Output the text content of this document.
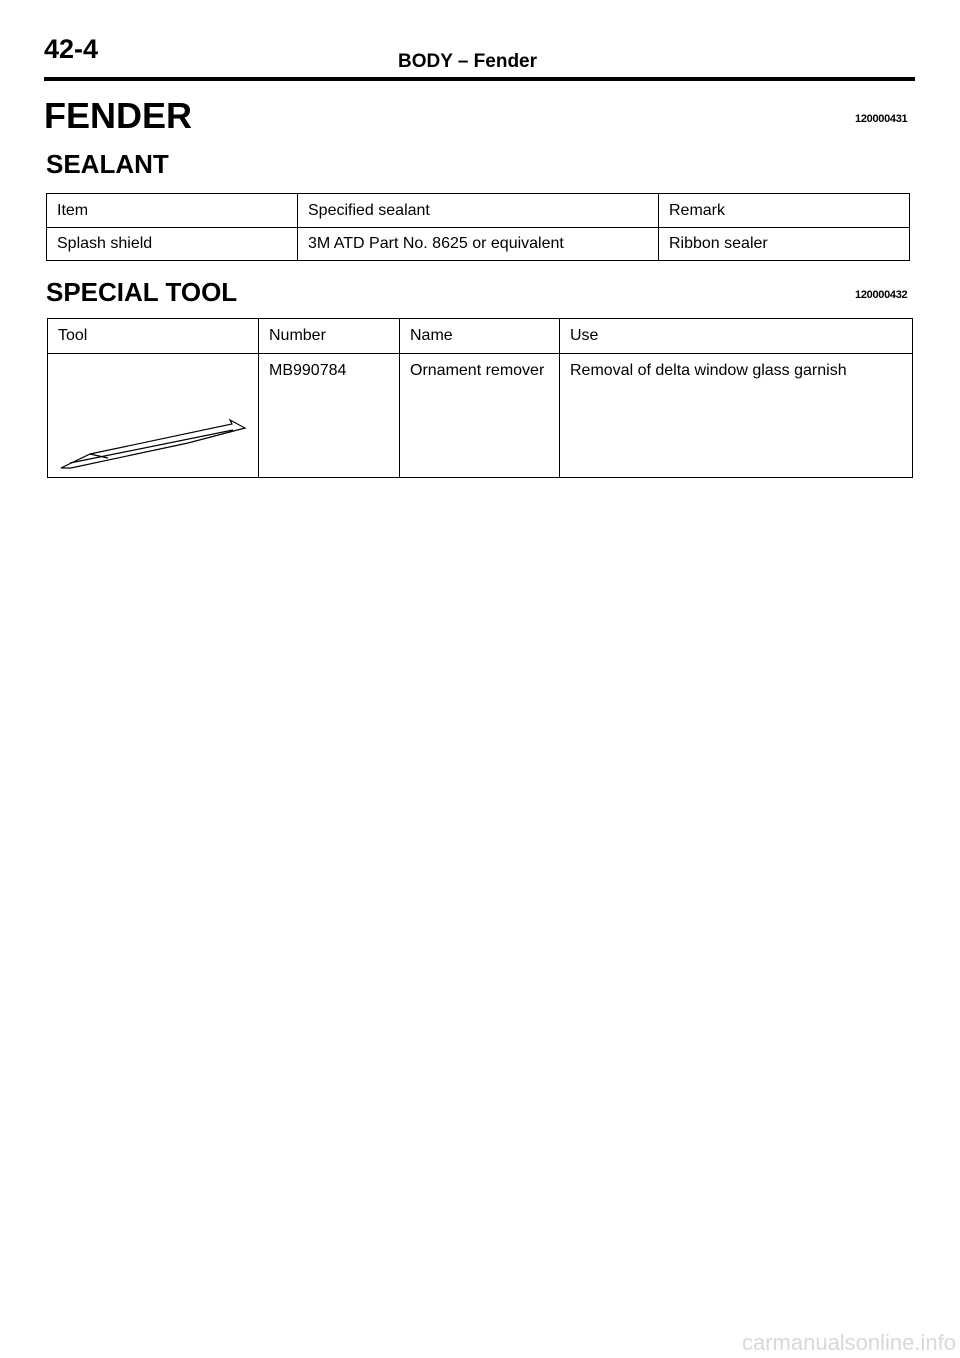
42-4	BODY – Fender
FENDER	120000431
SEALANT
Item	Specified sealant	Remark
Splash shield	3M ATD Part No. 8625 or equivalent	Ribbon sealer
SPECIAL TOOL	120000432
Tool	Number	Name	Use
	MB990784	Ornament remover	Removal of delta window glass garnish
carmanualsonline.info
